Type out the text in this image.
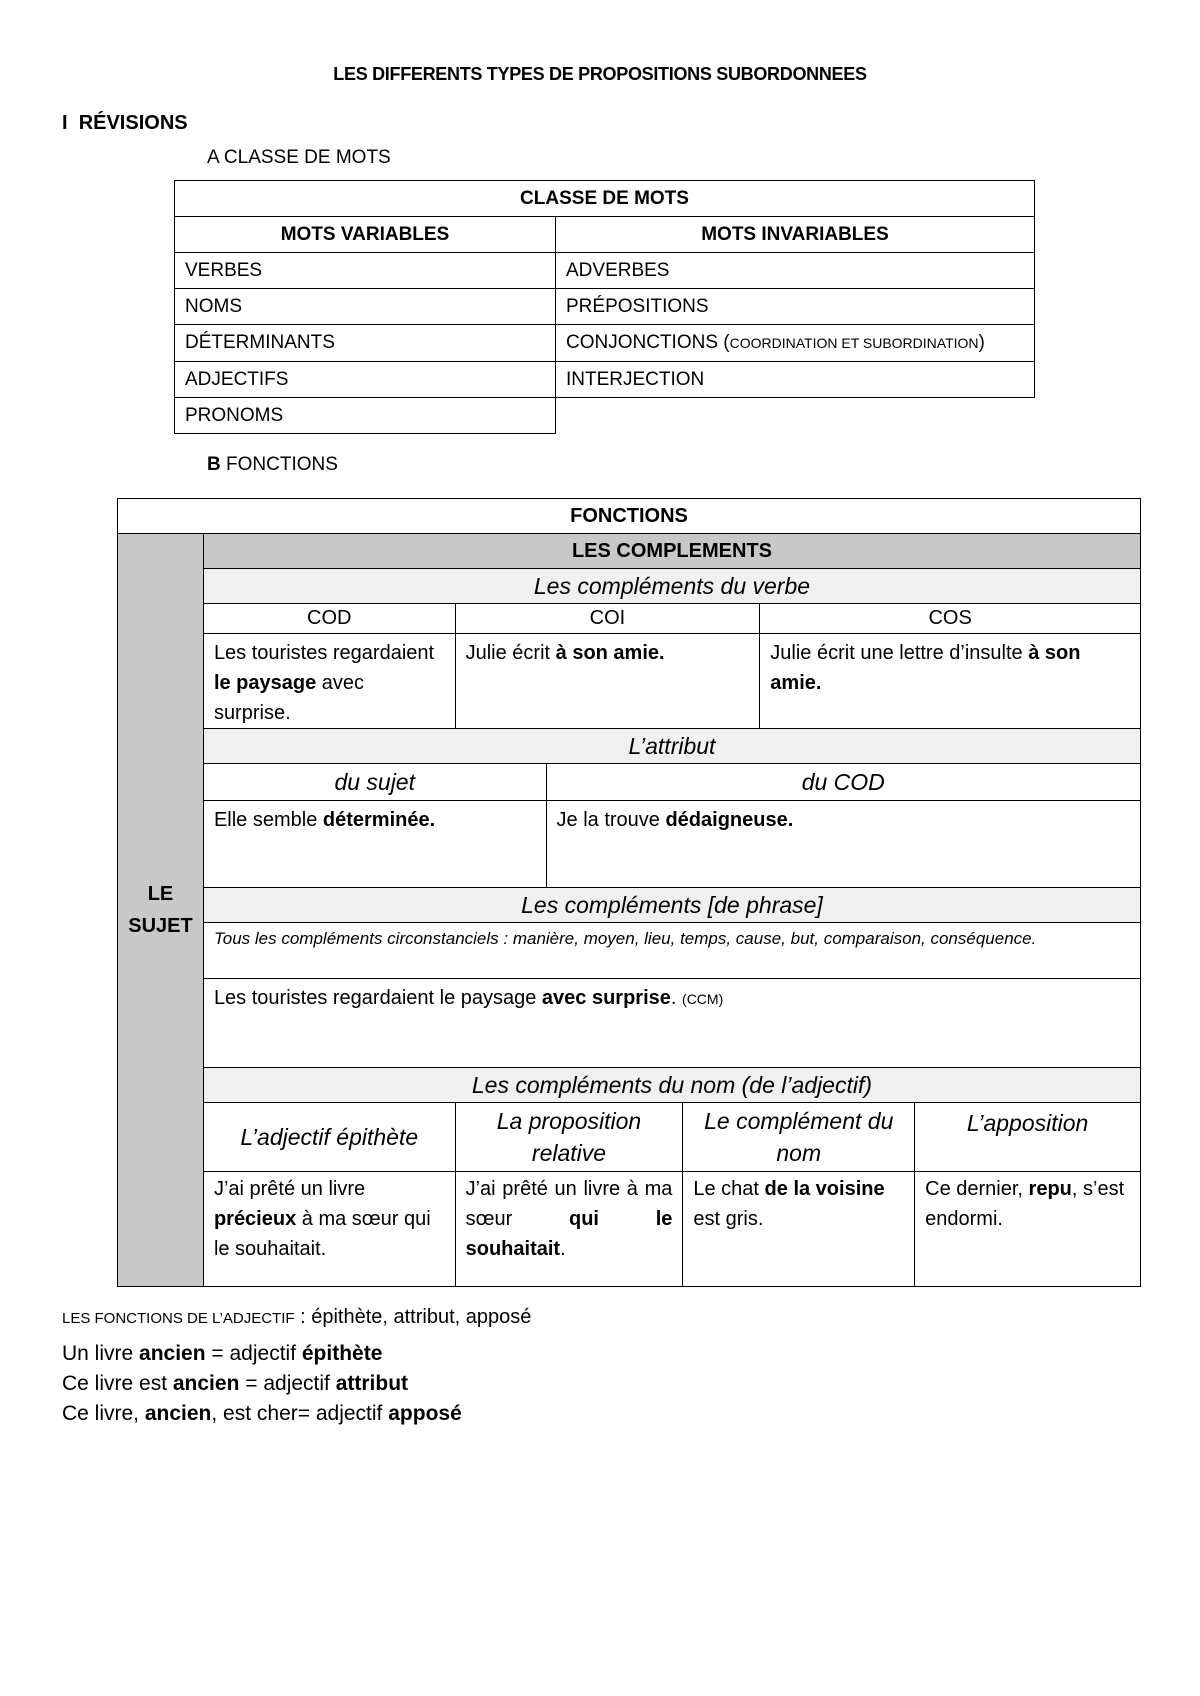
LES DIFFERENTS TYPES DE PROPOSITIONS SUBORDONNEES
I RÉVISIONS
A CLASSE DE MOTS
CLASSE DE MOTS	
MOTS VARIABLES	MOTS INVARIABLES
VERBES	ADVERBES
NOMS	PRÉPOSITIONS
DÉTERMINANTS	CONJONCTIONS (COORDINATION ET SUBORDINATION)
ADJECTIFS	INTERJECTION
PRONOMS	
B FONCTIONS
FONCTIONS						

LE
SUJET	LES COMPLEMENTS					
	Les compléments du verbe					
	COD	COI			COS	
	Les touristes regardaient le paysage avec surprise.	Julie écrit à son amie.			Julie écrit une lettre d’insulte à son amie.	
	L’attribut					
	du sujet		du COD			
	Elle semble déterminée.		Je la trouve dédaigneuse.			
	Les compléments [de phrase]					
	Tous les compléments circonstanciels : manière, moyen, lieu, temps, cause, but, comparaison, conséquence.					
	Les touristes regardaient le paysage avec surprise. (CCM)					
	Les compléments du nom (de l’adjectif)					
	L’adjectif épithète	La proposition relative		Le complément du nom		L’apposition
	J’ai prêté un livre précieux à ma sœur qui le souhaitait.	J’ai prêté un livre à ma sœur qui le souhaitait.		Le chat de la voisine est gris.		Ce dernier, repu, s’est endormi.
LES FONCTIONS DE L’ADJECTIF : épithète, attribut, apposé
Un livre ancien = adjectif épithète
Ce livre est ancien = adjectif attribut
Ce livre, ancien, est cher= adjectif apposé
